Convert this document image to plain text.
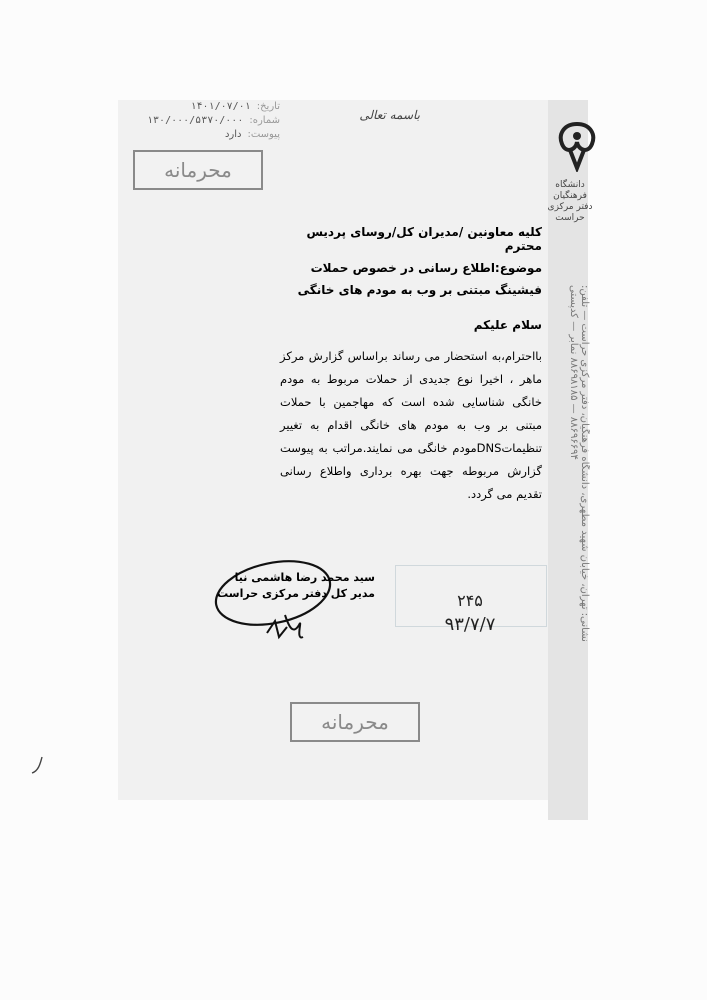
نشانی: تهران، خیابان شهید مطهری، دانشگاه فرهنگیان، دفتر مرکزی حراست — تلفن: ۸۸۶۹۶۶۹۴ — ۸۸۶۹۸۱۸۵ نمابر — کدپستی
دانشگاه فرهنگیان
دفتر مرکزی حراست
تاریخ:۱۴۰۱/۰۷/۰۱
شماره:۱۳۰/۰۰۰/۵۳۷۰/۰۰۰
پیوست:دارد
باسمه تعالی
محرمانه
کلیه معاونین /مدیران کل/روسای پردیس محترم
موضوع:اطلاع رسانی در خصوص حملات فیشینگ مبتنی بر وب به مودم های خانگی
سلام علیکم
بااحترام،به استحضار می رساند براساس گزارش مرکز ماهر ، اخیرا نوع جدیدی از حملات مربوط به مودم خانگی شناسایی شده است که مهاجمین با حملات مبتنی بر وب به مودم های خانگی اقدام به تغییر تنظیماتDNSمودم خانگی می نمایند.مراتب به پیوست گزارش مربوطه جهت بهره برداری واطلاع رسانی تقدیم می گردد.
سید محمد رضا هاشمی نیا
مدیر کل دفتر مرکزی حراست	۲۴۵
۹۳/۷/۷
محرمانه
